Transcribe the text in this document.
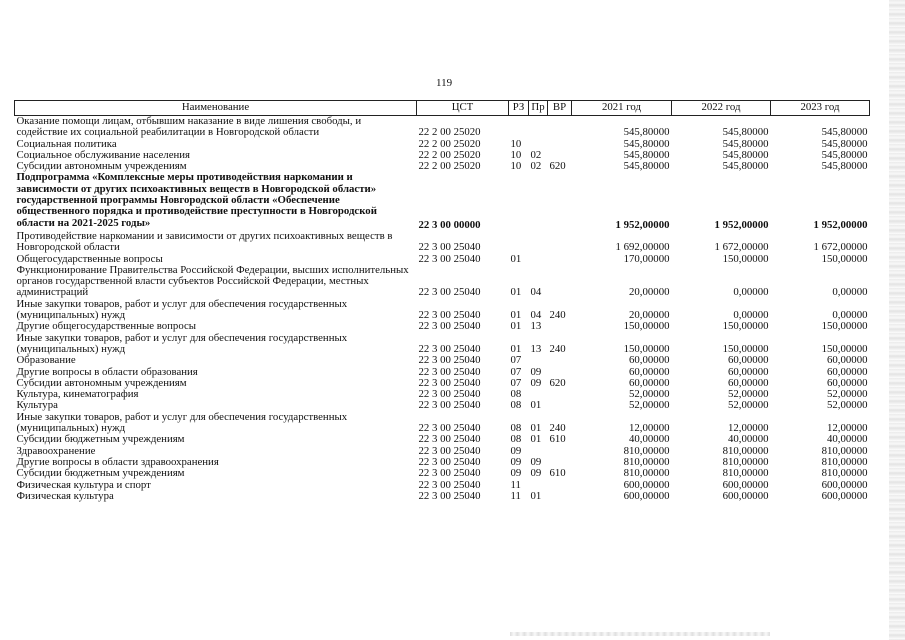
119
Наименование	ЦСТ	РЗ	Пр	ВР	2021 год	2022 год	2023 год
Оказание помощи лицам, отбывшим наказание в виде лишения свободы, и содействие их социальной реабилитации в Новгородской области	22 2 00 25020				545,80000	545,80000	545,80000
Социальная политика	22 2 00 25020	10			545,80000	545,80000	545,80000
Социальное обслуживание населения	22 2 00 25020	10	02		545,80000	545,80000	545,80000
Субсидии автономным учреждениям	22 2 00 25020	10	02	620	545,80000	545,80000	545,80000
Подпрограмма «Комплексные меры противодействия наркомании и зависимости от других психоактивных веществ в Новгородской области» государственной программы Новгородской области «Обеспечение общественного порядка и противодействие преступности в Новгородской области на 2021-2025 годы»	22 3 00 00000				1 952,00000	1 952,00000	1 952,00000
Противодействие наркомании и зависимости от других психоактивных веществ в Новгородской области	22 3 00 25040				1 692,00000	1 672,00000	1 672,00000
Общегосударственные вопросы	22 3 00 25040	01			170,00000	150,00000	150,00000
Функционирование Правительства Российской Федерации, высших исполнительных органов государственной власти субъектов Российской Федерации, местных администраций	22 3 00 25040	01	04		20,00000	0,00000	0,00000
Иные закупки товаров, работ и услуг для обеспечения государственных (муниципальных) нужд	22 3 00 25040	01	04	240	20,00000	0,00000	0,00000
Другие общегосударственные вопросы	22 3 00 25040	01	13		150,00000	150,00000	150,00000
Иные закупки товаров, работ и услуг для обеспечения государственных (муниципальных) нужд	22 3 00 25040	01	13	240	150,00000	150,00000	150,00000
Образование	22 3 00 25040	07			60,00000	60,00000	60,00000
Другие вопросы в области образования	22 3 00 25040	07	09		60,00000	60,00000	60,00000
Субсидии автономным учреждениям	22 3 00 25040	07	09	620	60,00000	60,00000	60,00000
Культура, кинематография	22 3 00 25040	08			52,00000	52,00000	52,00000
Культура	22 3 00 25040	08	01		52,00000	52,00000	52,00000
Иные закупки товаров, работ и услуг для обеспечения государственных (муниципальных) нужд	22 3 00 25040	08	01	240	12,00000	12,00000	12,00000
Субсидии бюджетным учреждениям	22 3 00 25040	08	01	610	40,00000	40,00000	40,00000
Здравоохранение	22 3 00 25040	09			810,00000	810,00000	810,00000
Другие вопросы в области здравоохранения	22 3 00 25040	09	09		810,00000	810,00000	810,00000
Субсидии бюджетным учреждениям	22 3 00 25040	09	09	610	810,00000	810,00000	810,00000
Физическая культура и спорт	22 3 00 25040	11			600,00000	600,00000	600,00000
Физическая культура	22 3 00 25040	11	01		600,00000	600,00000	600,00000
